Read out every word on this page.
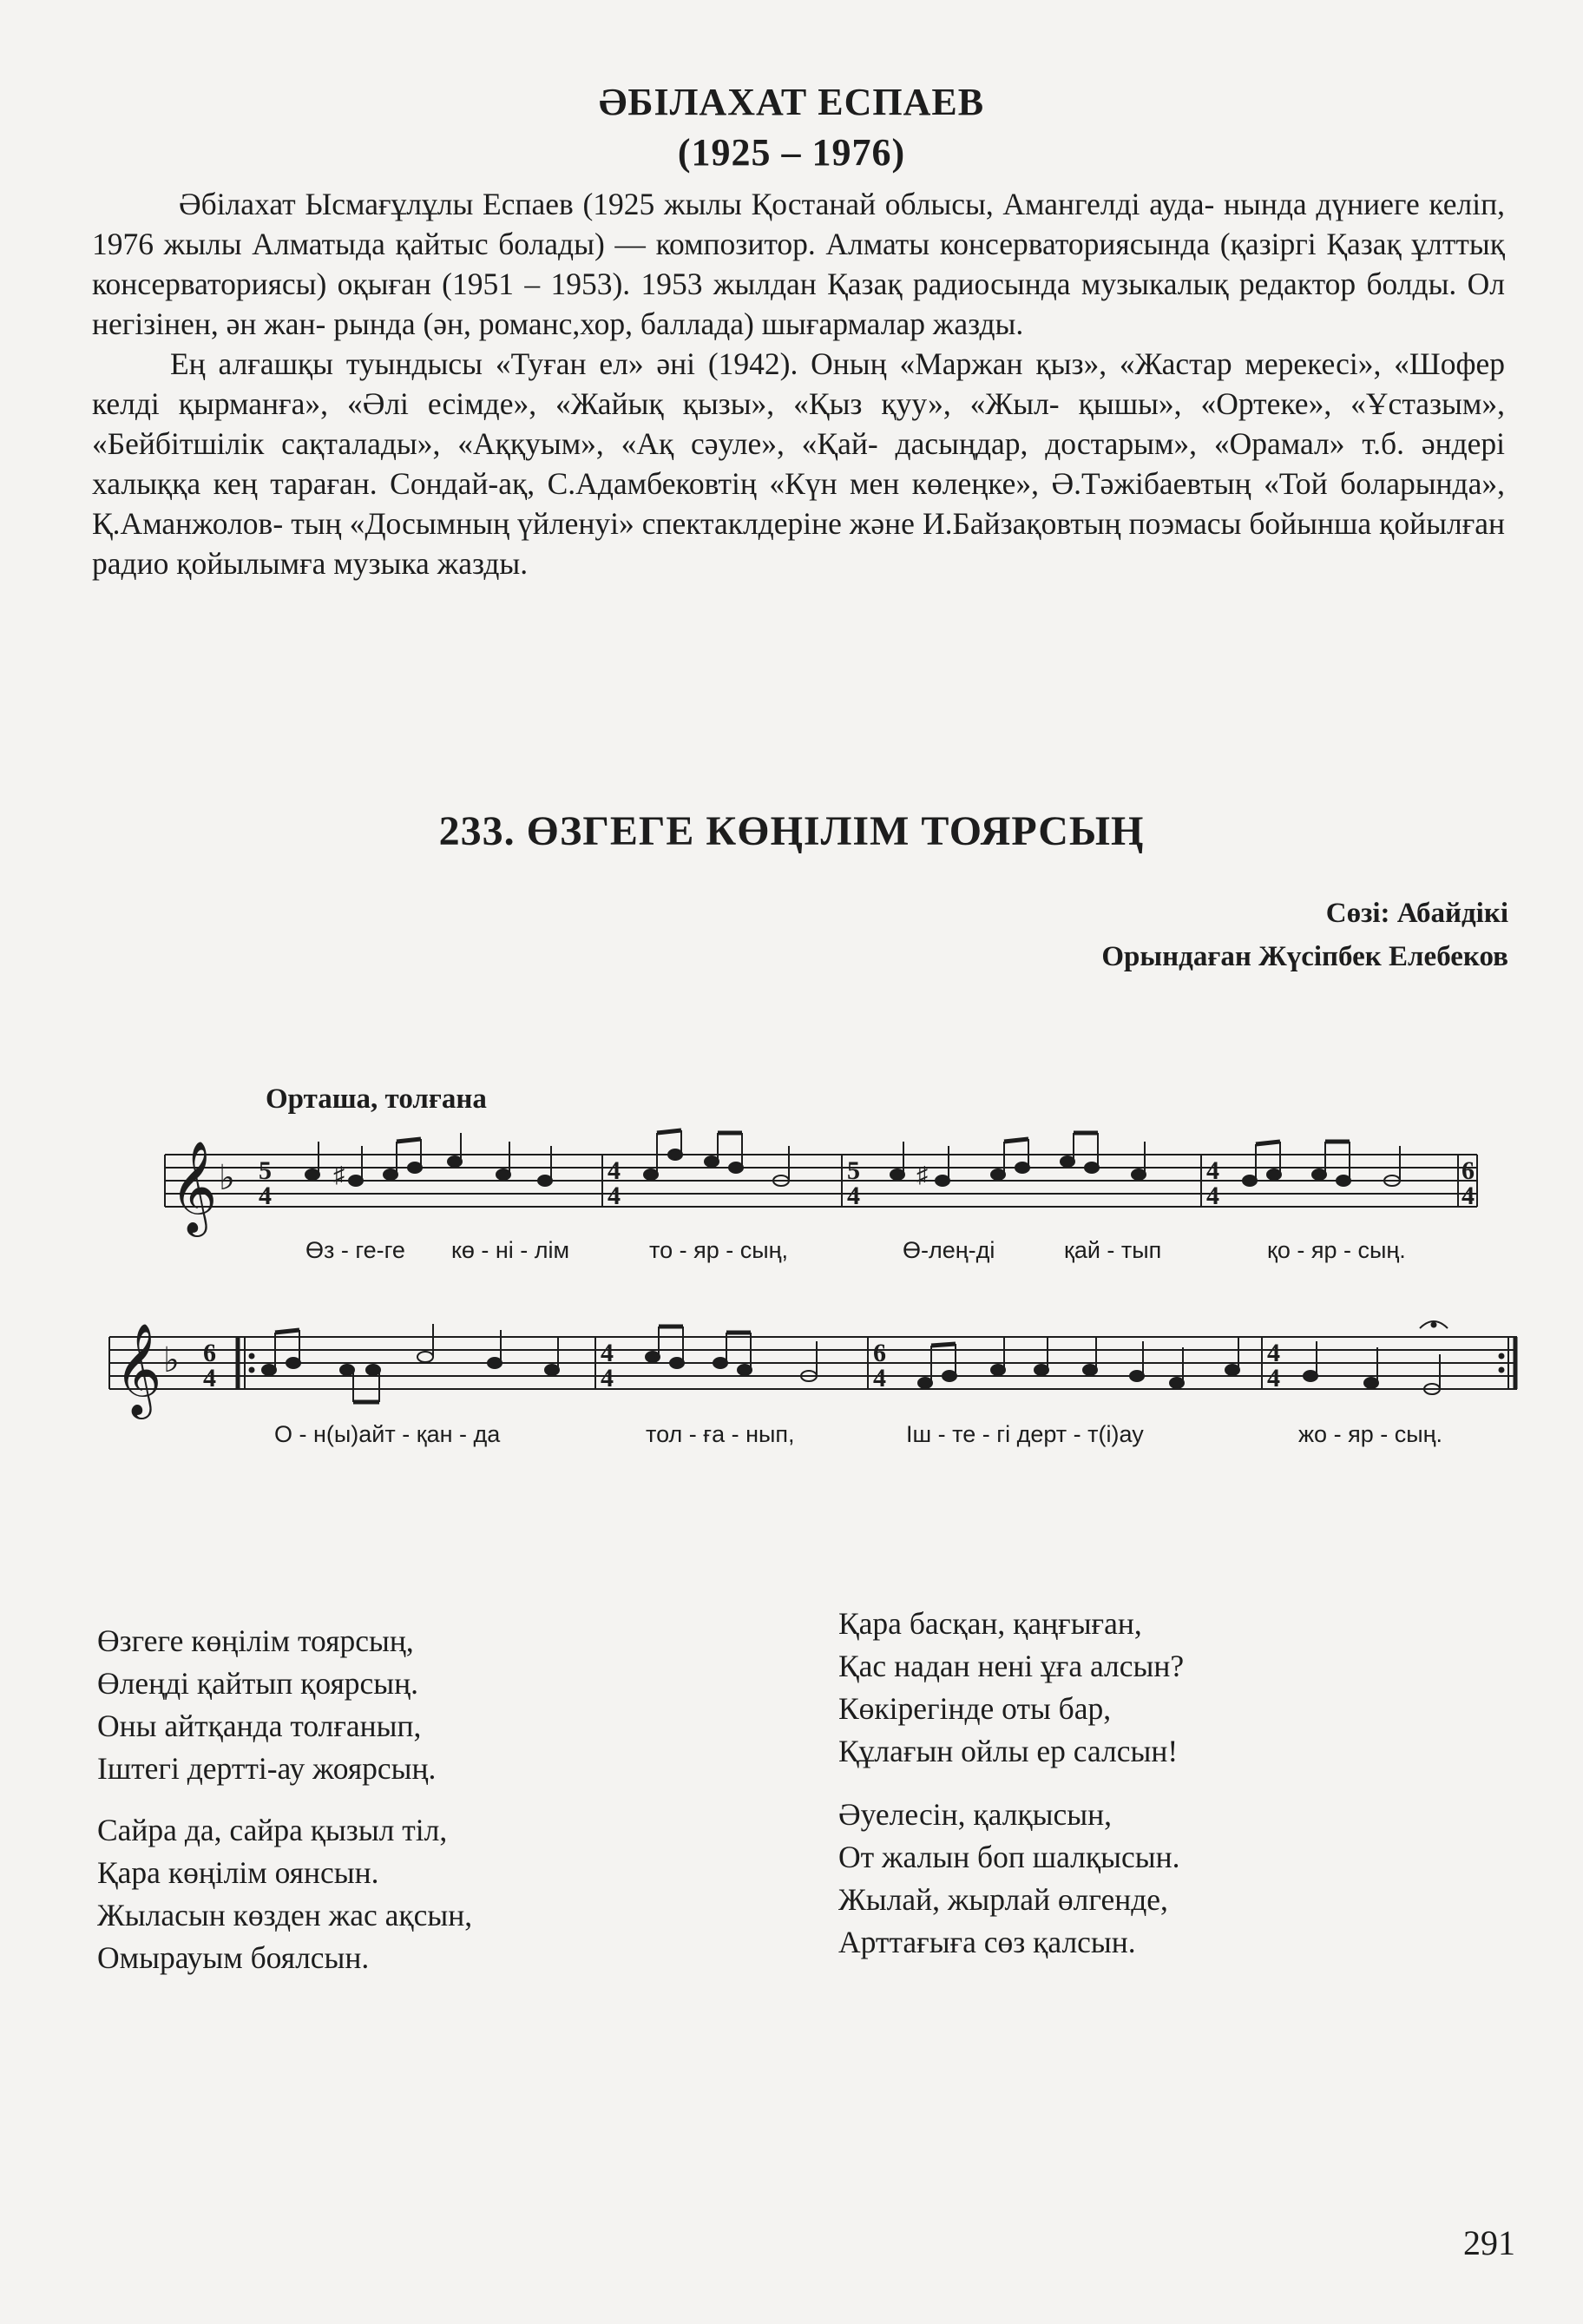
ӘБІЛАХАТ ЕСПАЕВ
(1925 – 1976)

Әбілахат Ысмағұлұлы Еспаев (1925 жылы Қостанай облысы, Амангелді ауда- нында дүниеге келіп, 1976 жылы Алматыда қайтыс болады) — композитор. Алматы консерваториясында (қазіргі Қазақ ұлттық консерваториясы) оқыған (1951 – 1953). 1953 жылдан Қазақ радиосында музыкалық редактор болды. Ол негізінен, ән жан- рында (ән, романс,хор, баллада) шығармалар жазды.

Ең алғашқы туындысы «Туған ел» әні (1942). Оның «Маржан қыз», «Жастар мерекесі», «Шофер келді қырманға», «Әлі есімде», «Жайық қызы», «Қыз қуу», «Жыл- қышы», «Ортеке», «Ұстазым», «Бейбітшілік сақталады», «Аққуым», «Ақ сәуле», «Қай- дасыңдар, достарым», «Орамал» т.б. әндері халыққа кең тараған. Сондай-ақ, С.Адамбековтің «Күн мен көлеңке», Ә.Тәжібаевтың «Той боларында», Қ.Аманжолов- тың «Досымның үйленуі» спектаклдеріне және И.Байзақовтың поэмасы бойынша қойылған радио қойылымға музыка жазды.

233. ӨЗГЕГЕ КӨҢІЛІМ ТОЯРСЫҢ
Сөзі: Абайдікі
Орындаған Жүсіпбек Елебеков
Орташа, толғана
𝄞 ♭ 5
4
4
4
5
4
4
4
6
4
♯	♯
Өз - ге-ге кө - ні - лім	то - яр - сың,	Ө-лең-ді	қай - тып	қо - яр - сың.
𝄞 ♭ 6
4
4
4
6
4
4
4
О - н(ы)айт - қан - да	тол - ға - нып,	Іш - те - гі дерт - т(і)ау	жо - яр - сың.
Өзгеге көңілім тоярсың,
Өлеңді қайтып қоярсың.
Оны айтқанда толғанып,
Іштегі дертті-ау жоярсың.
Сайра да, сайра қызыл тіл,
Қара көңілім оянсын.
Жыласын көзден жас ақсын,
Омырауым боялсын.
Қара басқан, қаңғыған,
Қас надан нені ұға алсын?
Көкірегінде оты бар,
Құлағын ойлы ер салсын!
Әуелесін, қалқысын,
От жалын боп шалқысын.
Жылай, жырлай өлгенде,
Арттағыға сөз қалсын.
291
